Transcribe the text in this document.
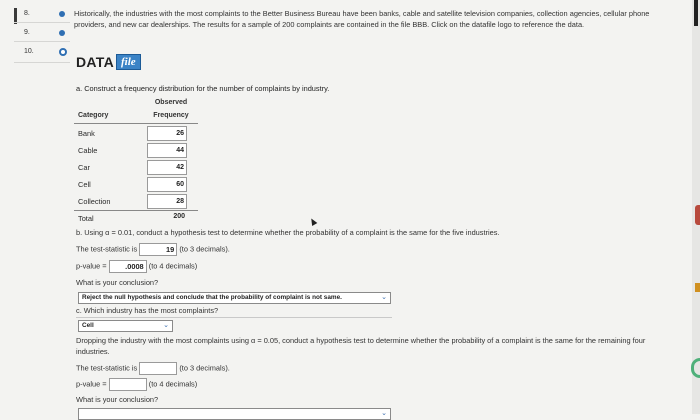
8.
9.
10.
Historically, the industries with the most complaints to the Better Business Bureau have been banks, cable and satellite television companies, collection agencies, cellular phone providers, and new car dealerships. The results for a sample of 200 complaints are contained in the file BBB. Click on the datafile logo to reference the data.
DATA file
a. Construct a frequency distribution for the number of complaints by industry.
Observed
Category	Frequency
Bank	26
Cable	44
Car	42
Cell	60
Collection	28
Total	200
b. Using α = 0.01, conduct a hypothesis test to determine whether the probability of a complaint is the same for the five industries.
The test-statistic is	19 (to 3 decimals).
p-value =	.0008 (to 4 decimals)
What is your conclusion?
Reject the null hypothesis and conclude that the probability of complaint is not same.	⌄
c. Which industry has the most complaints?
Cell	⌄
Dropping the industry with the most complaints using α = 0.05, conduct a hypothesis test to determine whether the probability of a complaint is the same for the remaining four industries.
The test-statistic is	(to 3 decimals).
p-value =	(to 4 decimals)
What is your conclusion?
⌄
